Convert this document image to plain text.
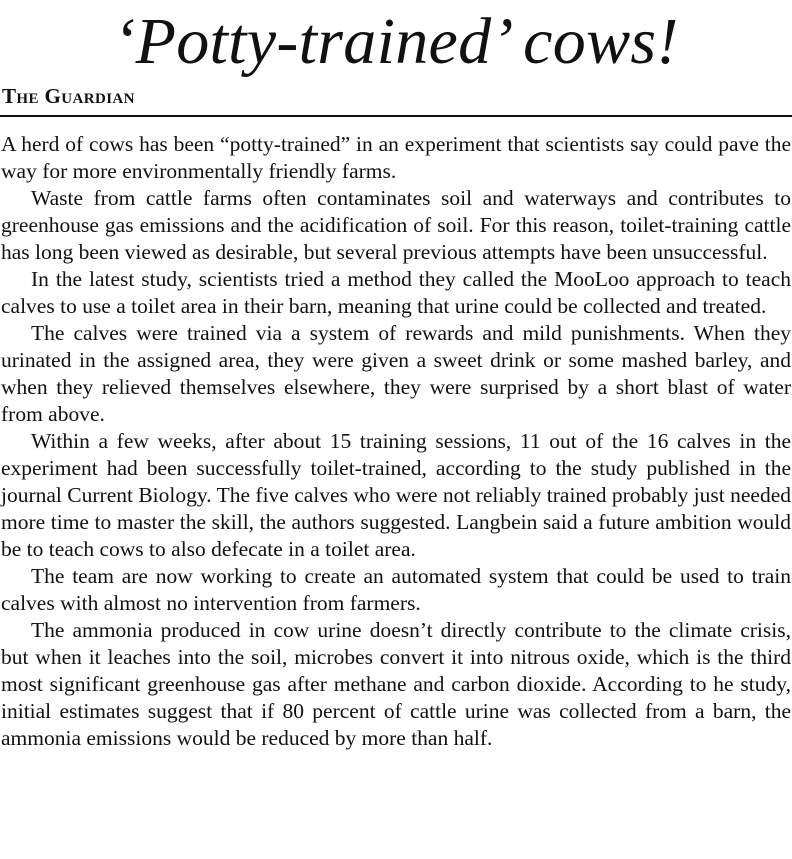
‘Potty-trained’ cows!
The Guardian

A herd of cows has been “potty-trained” in an experiment that scientists say could pave the way for more environmentally friendly farms.

Waste from cattle farms often contaminates soil and waterways and contributes to greenhouse gas emissions and the acidification of soil. For this reason, toilet-training cattle has long been viewed as desirable, but several previous attempts have been unsuccessful.

In the latest study, scientists tried a method they called the MooLoo approach to teach calves to use a toilet area in their barn, meaning that urine could be collected and treated.

The calves were trained via a system of rewards and mild punishments. When they urinated in the assigned area, they were given a sweet drink or some mashed barley, and when they relieved themselves elsewhere, they were surprised by a short blast of water from above.

Within a few weeks, after about 15 training sessions, 11 out of the 16 calves in the experiment had been successfully toilet-trained, according to the study published in the journal Current Biology. The five calves who were not reliably trained probably just needed more time to master the skill, the authors suggested. Langbein said a future ambition would be to teach cows to also defecate in a toilet area.

The team are now working to create an automated system that could be used to train calves with almost no intervention from farmers.

The ammonia produced in cow urine doesn’t directly contribute to the climate crisis, but when it leaches into the soil, microbes convert it into nitrous oxide, which is the third most significant greenhouse gas after methane and carbon dioxide. According to he study, initial estimates suggest that if 80 percent of cattle urine was collected from a barn, the ammonia emissions would be reduced by more than half.
